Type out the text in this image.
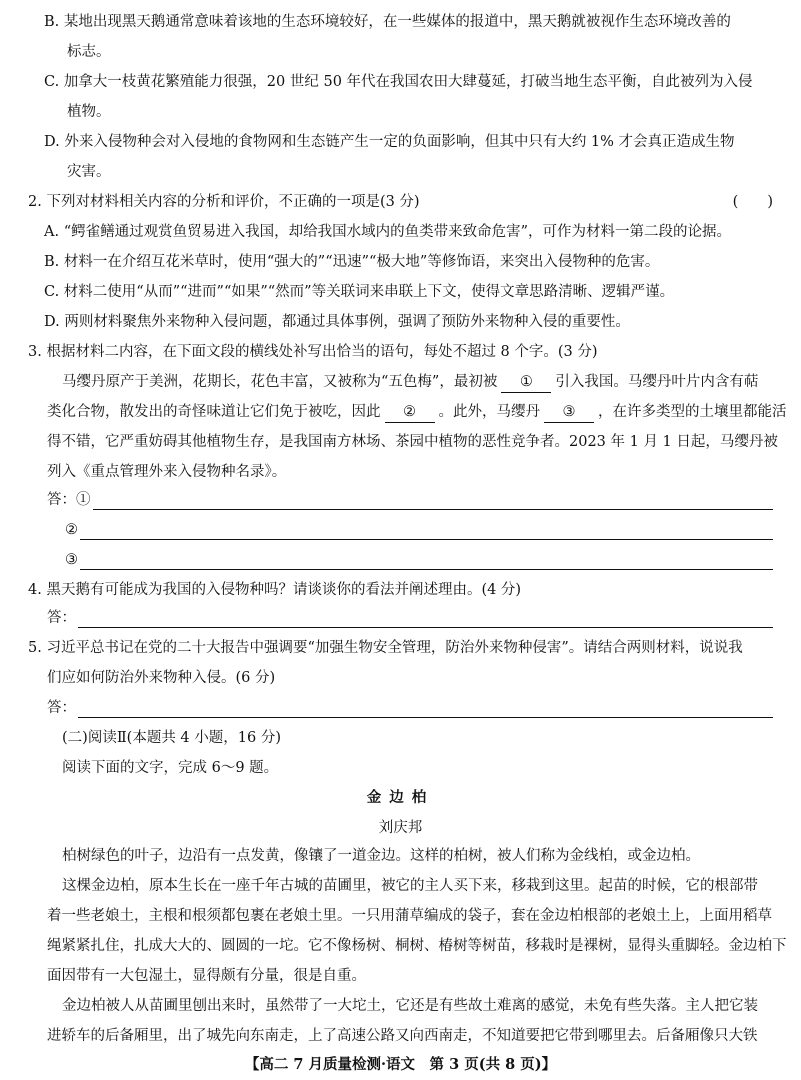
B. 某地出现黑天鹅通常意味着该地的生态环境较好，在一些媒体的报道中，黑天鹅就被视作生态环境改善的
标志。
C. 加拿大一枝黄花繁殖能力很强，20 世纪 50 年代在我国农田大肆蔓延，打破当地生态平衡，自此被列为入侵
植物。
D. 外来入侵物种会对入侵地的食物网和生态链产生一定的负面影响，但其中只有大约 1% 才会真正造成生物
灾害。
2. 下列对材料相关内容的分析和评价，不正确的一项是(3 分)	(　　)
A. “鳄雀鳝通过观赏鱼贸易进入我国，却给我国水域内的鱼类带来致命危害”，可作为材料一第二段的论据。
B. 材料一在介绍互花米草时，使用“强大的”“迅速”“极大地”等修饰语，来突出入侵物种的危害。
C. 材料二使用“从而”“进而”“如果”“然而”等关联词来串联上下文，使得文章思路清晰、逻辑严谨。
D. 两则材料聚焦外来物种入侵问题，都通过具体事例，强调了预防外来物种入侵的重要性。
3. 根据材料二内容，在下面文段的横线处补写出恰当的语句，每处不超过 8 个字。(3 分)
马缨丹原产于美洲，花期长，花色丰富，又被称为“五色梅”，最初被 ① 引入我国。马缨丹叶片内含有萜
类化合物，散发出的奇怪味道让它们免于被吃，因此 ② 。此外，马缨丹 ③ ，在许多类型的土壤里都能活
得不错，它严重妨碍其他植物生存，是我国南方林场、茶园中植物的恶性竞争者。2023 年 1 月 1 日起，马缨丹被
列入《重点管理外来入侵物种名录》。
答：①
②
③
4. 黑天鹅有可能成为我国的入侵物种吗？请谈谈你的看法并阐述理由。(4 分)
答：
5. 习近平总书记在党的二十大报告中强调要“加强生物安全管理，防治外来物种侵害”。请结合两则材料，说说我
们应如何防治外来物种入侵。(6 分)
答：
(二)阅读Ⅱ(本题共 4 小题，16 分)
阅读下面的文字，完成 6～9 题。
金边柏
刘庆邦
柏树绿色的叶子，边沿有一点发黄，像镶了一道金边。这样的柏树，被人们称为金线柏，或金边柏。
这棵金边柏，原本生长在一座千年古城的苗圃里，被它的主人买下来，移栽到这里。起苗的时候，它的根部带
着一些老娘土，主根和根须都包裹在老娘土里。一只用蒲草编成的袋子，套在金边柏根部的老娘土上，上面用稻草
绳紧紧扎住，扎成大大的、圆圆的一坨。它不像杨树、桐树、椿树等树苗，移栽时是裸树，显得头重脚轻。金边柏下
面因带有一大包湿土，显得颇有分量，很是自重。
金边柏被人从苗圃里刨出来时，虽然带了一大坨土，它还是有些故土难离的感觉，未免有些失落。主人把它装
进轿车的后备厢里，出了城先向东南走，上了高速公路又向西南走，不知道要把它带到哪里去。后备厢像只大铁
【高二 7 月质量检测·语文　第 3 页(共 8 页)】
